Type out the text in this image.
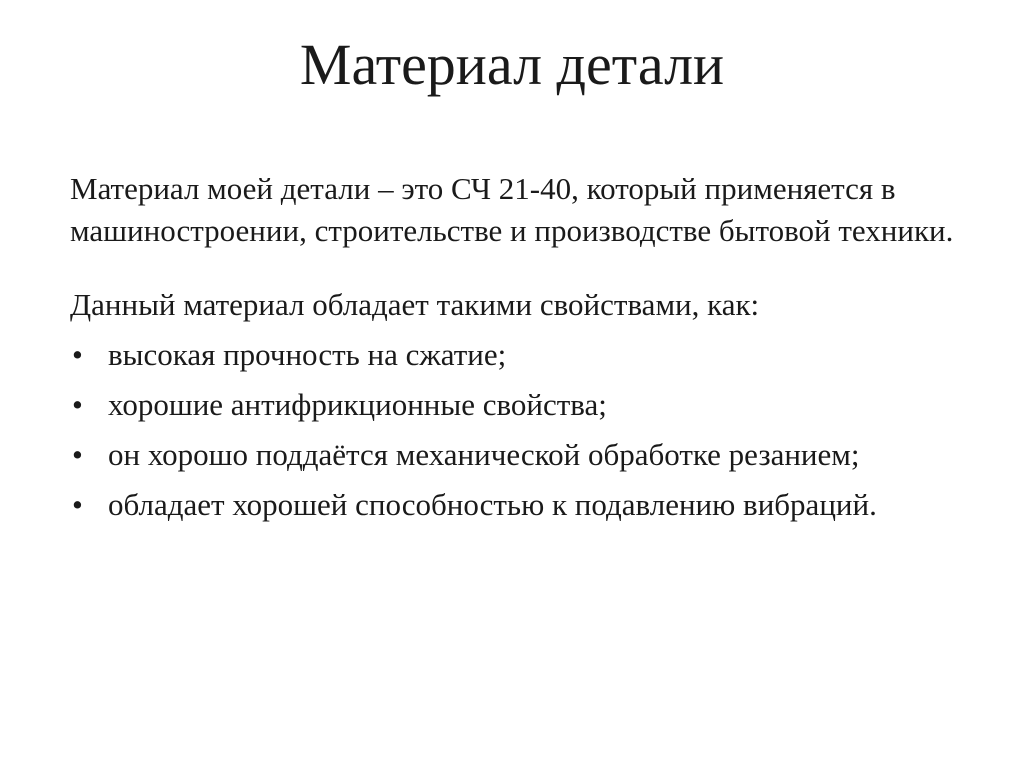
Материал детали

Материал моей детали – это СЧ 21-40, который применяется в машиностроении, строительстве и производстве бытовой техники.

Данный материал обладает такими свойствами, как:

• высокая прочность на сжатие;
• хорошие антифрикционные свойства;
• он хорошо поддаётся механической обработке резанием;
• обладает хорошей способностью к подавлению вибраций.
